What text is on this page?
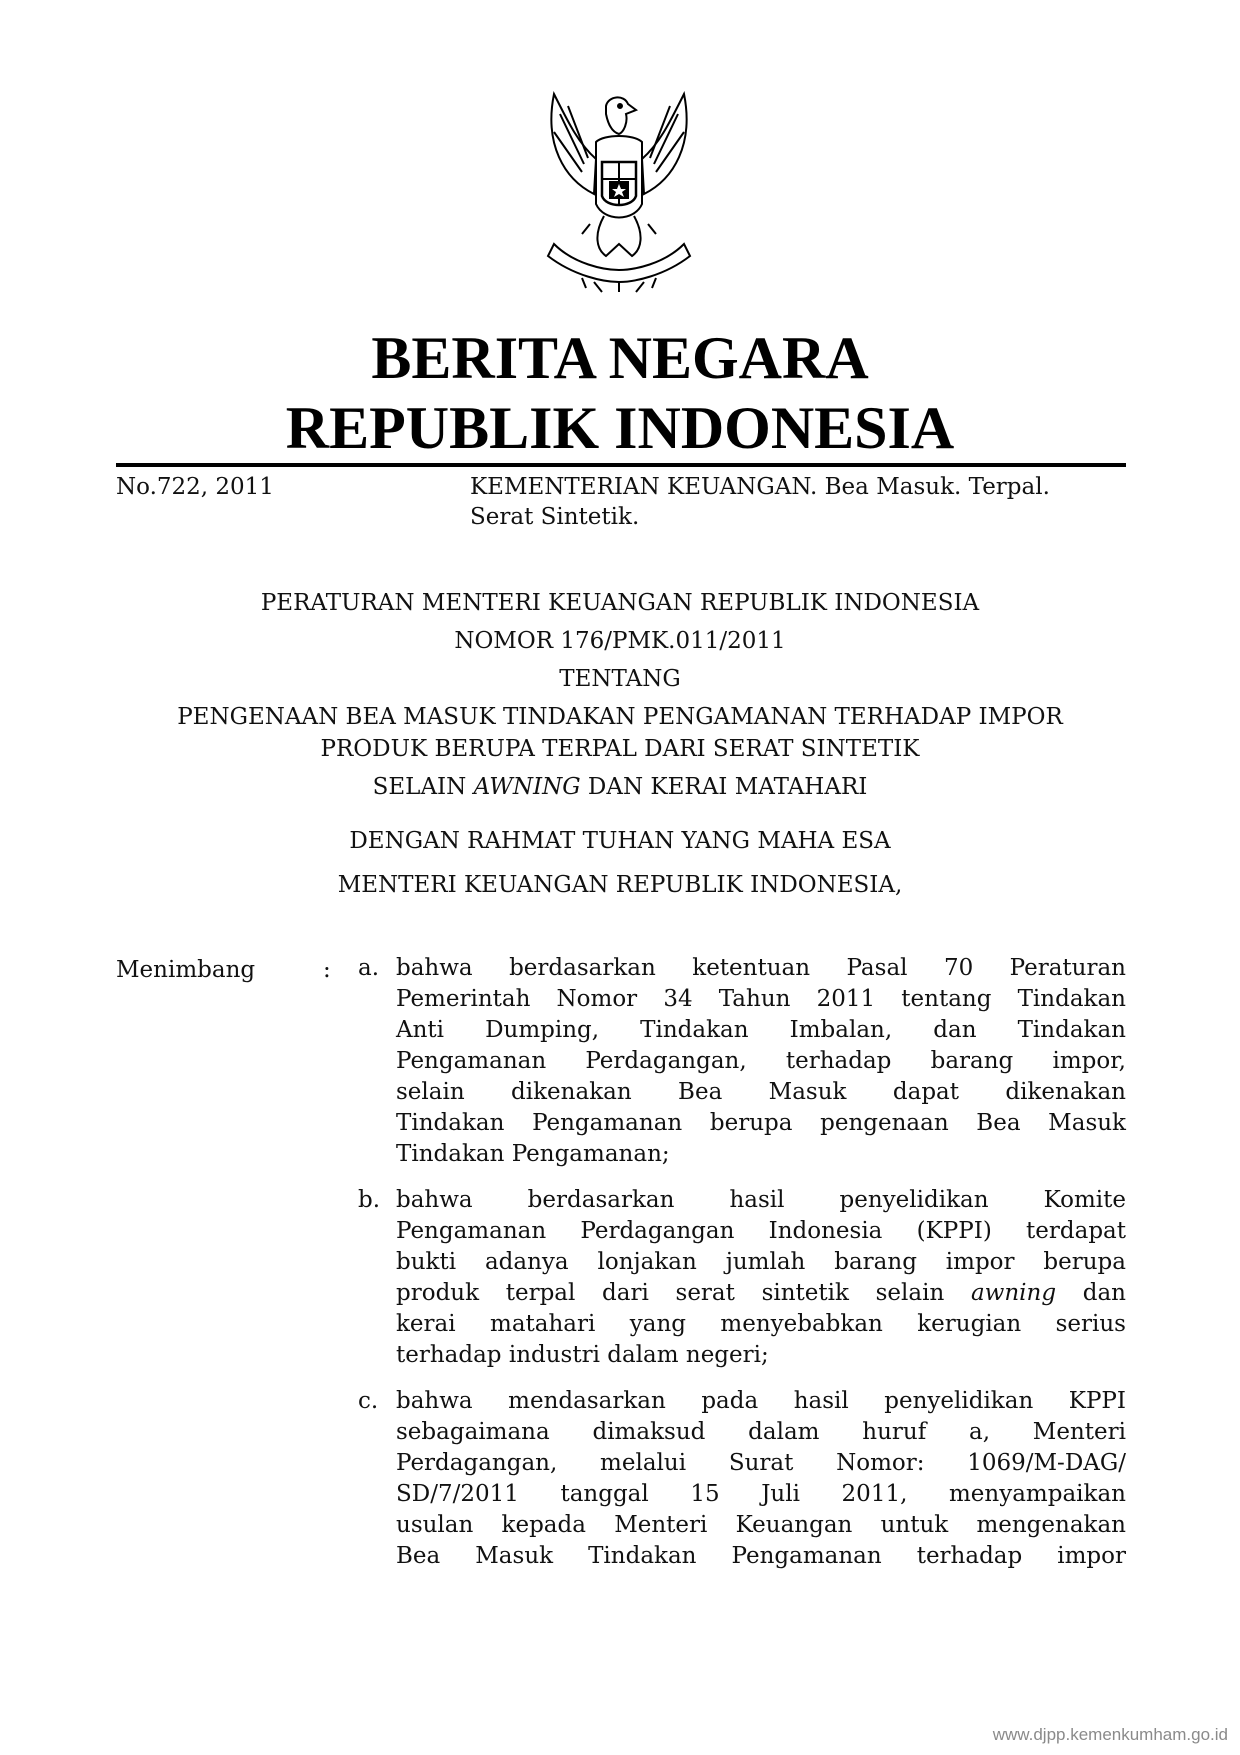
BERITA NEGARA
REPUBLIK INDONESIA
No.722, 2011	KEMENTERIAN KEUANGAN. Bea Masuk. Terpal.
Serat Sintetik.
PERATURAN MENTERI KEUANGAN REPUBLIK INDONESIA
NOMOR 176/PMK.011/2011
TENTANG
PENGENAAN BEA MASUK TINDAKAN PENGAMANAN TERHADAP IMPOR
PRODUK BERUPA TERPAL DARI SERAT SINTETIK
SELAIN AWNING DAN KERAI MATAHARI
DENGAN RAHMAT TUHAN YANG MAHA ESA
MENTERI KEUANGAN REPUBLIK INDONESIA,
Menimbang	: a. bahwa berdasarkan ketentuan Pasal 70 Peraturan
Pemerintah Nomor 34 Tahun 2011 tentang Tindakan
Anti Dumping, Tindakan Imbalan, dan Tindakan
Pengamanan Perdagangan, terhadap barang impor,
selain dikenakan Bea Masuk dapat dikenakan
Tindakan Pengamanan berupa pengenaan Bea Masuk
Tindakan Pengamanan;
b. bahwa berdasarkan hasil penyelidikan Komite
Pengamanan Perdagangan Indonesia (KPPI) terdapat
bukti adanya lonjakan jumlah barang impor berupa
produk terpal dari serat sintetik selain awning dan
kerai matahari yang menyebabkan kerugian serius
terhadap industri dalam negeri;
c. bahwa mendasarkan pada hasil penyelidikan KPPI
sebagaimana dimaksud dalam huruf a, Menteri
Perdagangan, melalui Surat Nomor: 1069/M-DAG/
SD/7/2011 tanggal 15 Juli 2011, menyampaikan
usulan kepada Menteri Keuangan untuk mengenakan
Bea Masuk Tindakan Pengamanan terhadap impor
www.djpp.kemenkumham.go.id
